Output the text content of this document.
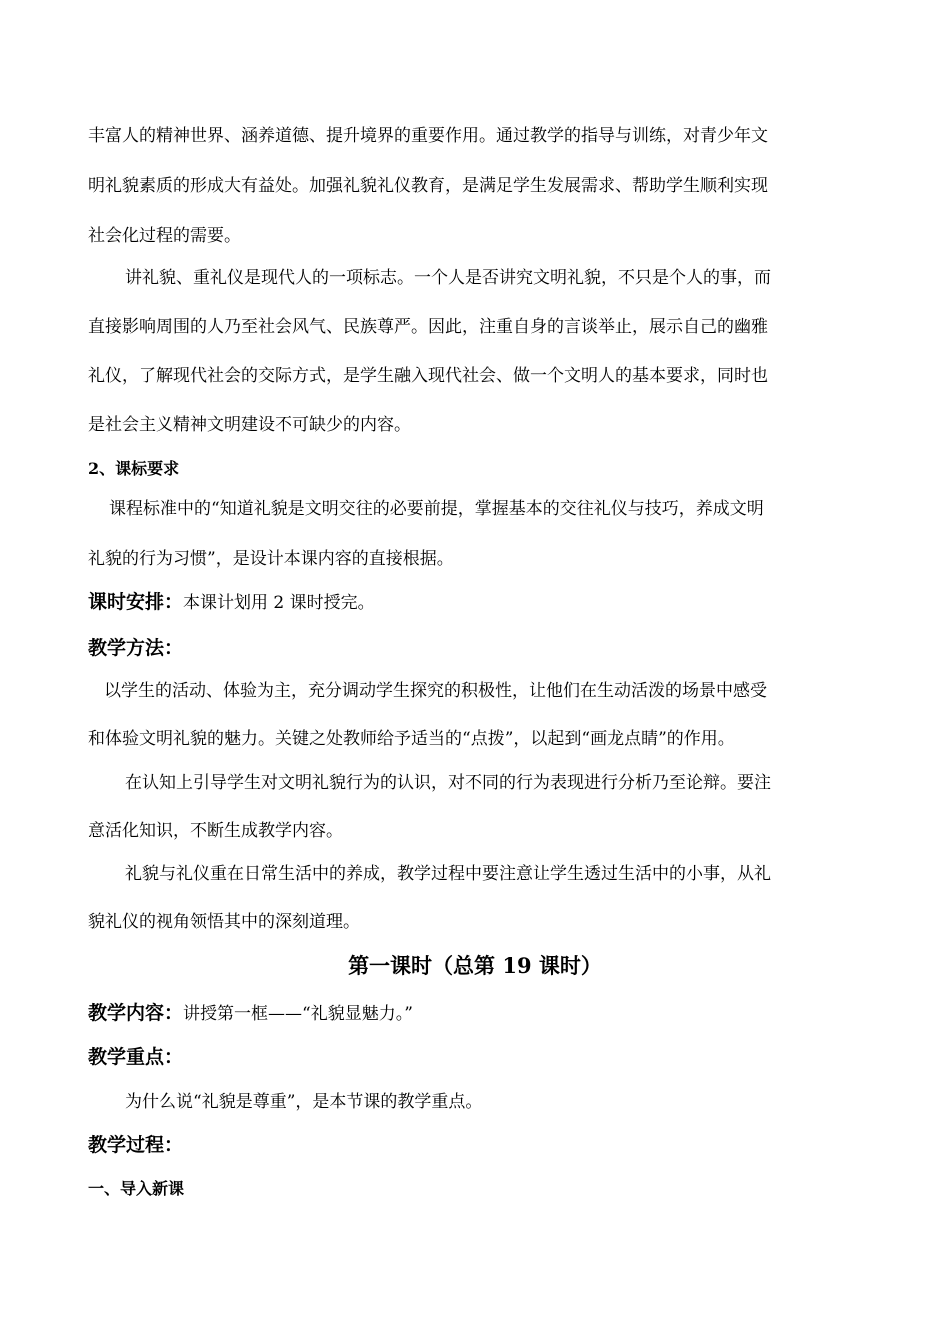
丰富人的精神世界、涵养道德、提升境界的重要作用。通过教学的指导与训练，对青少年文
明礼貌素质的形成大有益处。加强礼貌礼仪教育，是满足学生发展需求、帮助学生顺利实现
社会化过程的需要。
讲礼貌、重礼仪是现代人的一项标志。一个人是否讲究文明礼貌，不只是个人的事，而
直接影响周围的人乃至社会风气、民族尊严。因此，注重自身的言谈举止，展示自己的幽雅
礼仪，了解现代社会的交际方式，是学生融入现代社会、做一个文明人的基本要求，同时也
是社会主义精神文明建设不可缺少的内容。
2、课标要求
课程标准中的“知道礼貌是文明交往的必要前提，掌握基本的交往礼仪与技巧，养成文明
礼貌的行为习惯”，是设计本课内容的直接根据。
课时安排：本课计划用 2 课时授完。
教学方法：
以学生的活动、体验为主，充分调动学生探究的积极性，让他们在生动活泼的场景中感受
和体验文明礼貌的魅力。关键之处教师给予适当的“点拨”，以起到“画龙点睛”的作用。
在认知上引导学生对文明礼貌行为的认识，对不同的行为表现进行分析乃至论辩。要注
意活化知识，不断生成教学内容。
礼貌与礼仪重在日常生活中的养成，教学过程中要注意让学生透过生活中的小事，从礼
貌礼仪的视角领悟其中的深刻道理。
第一课时（总第 19 课时）
教学内容：讲授第一框——“礼貌显魅力。”
教学重点：
为什么说“礼貌是尊重”，是本节课的教学重点。
教学过程：
一、导入新课
